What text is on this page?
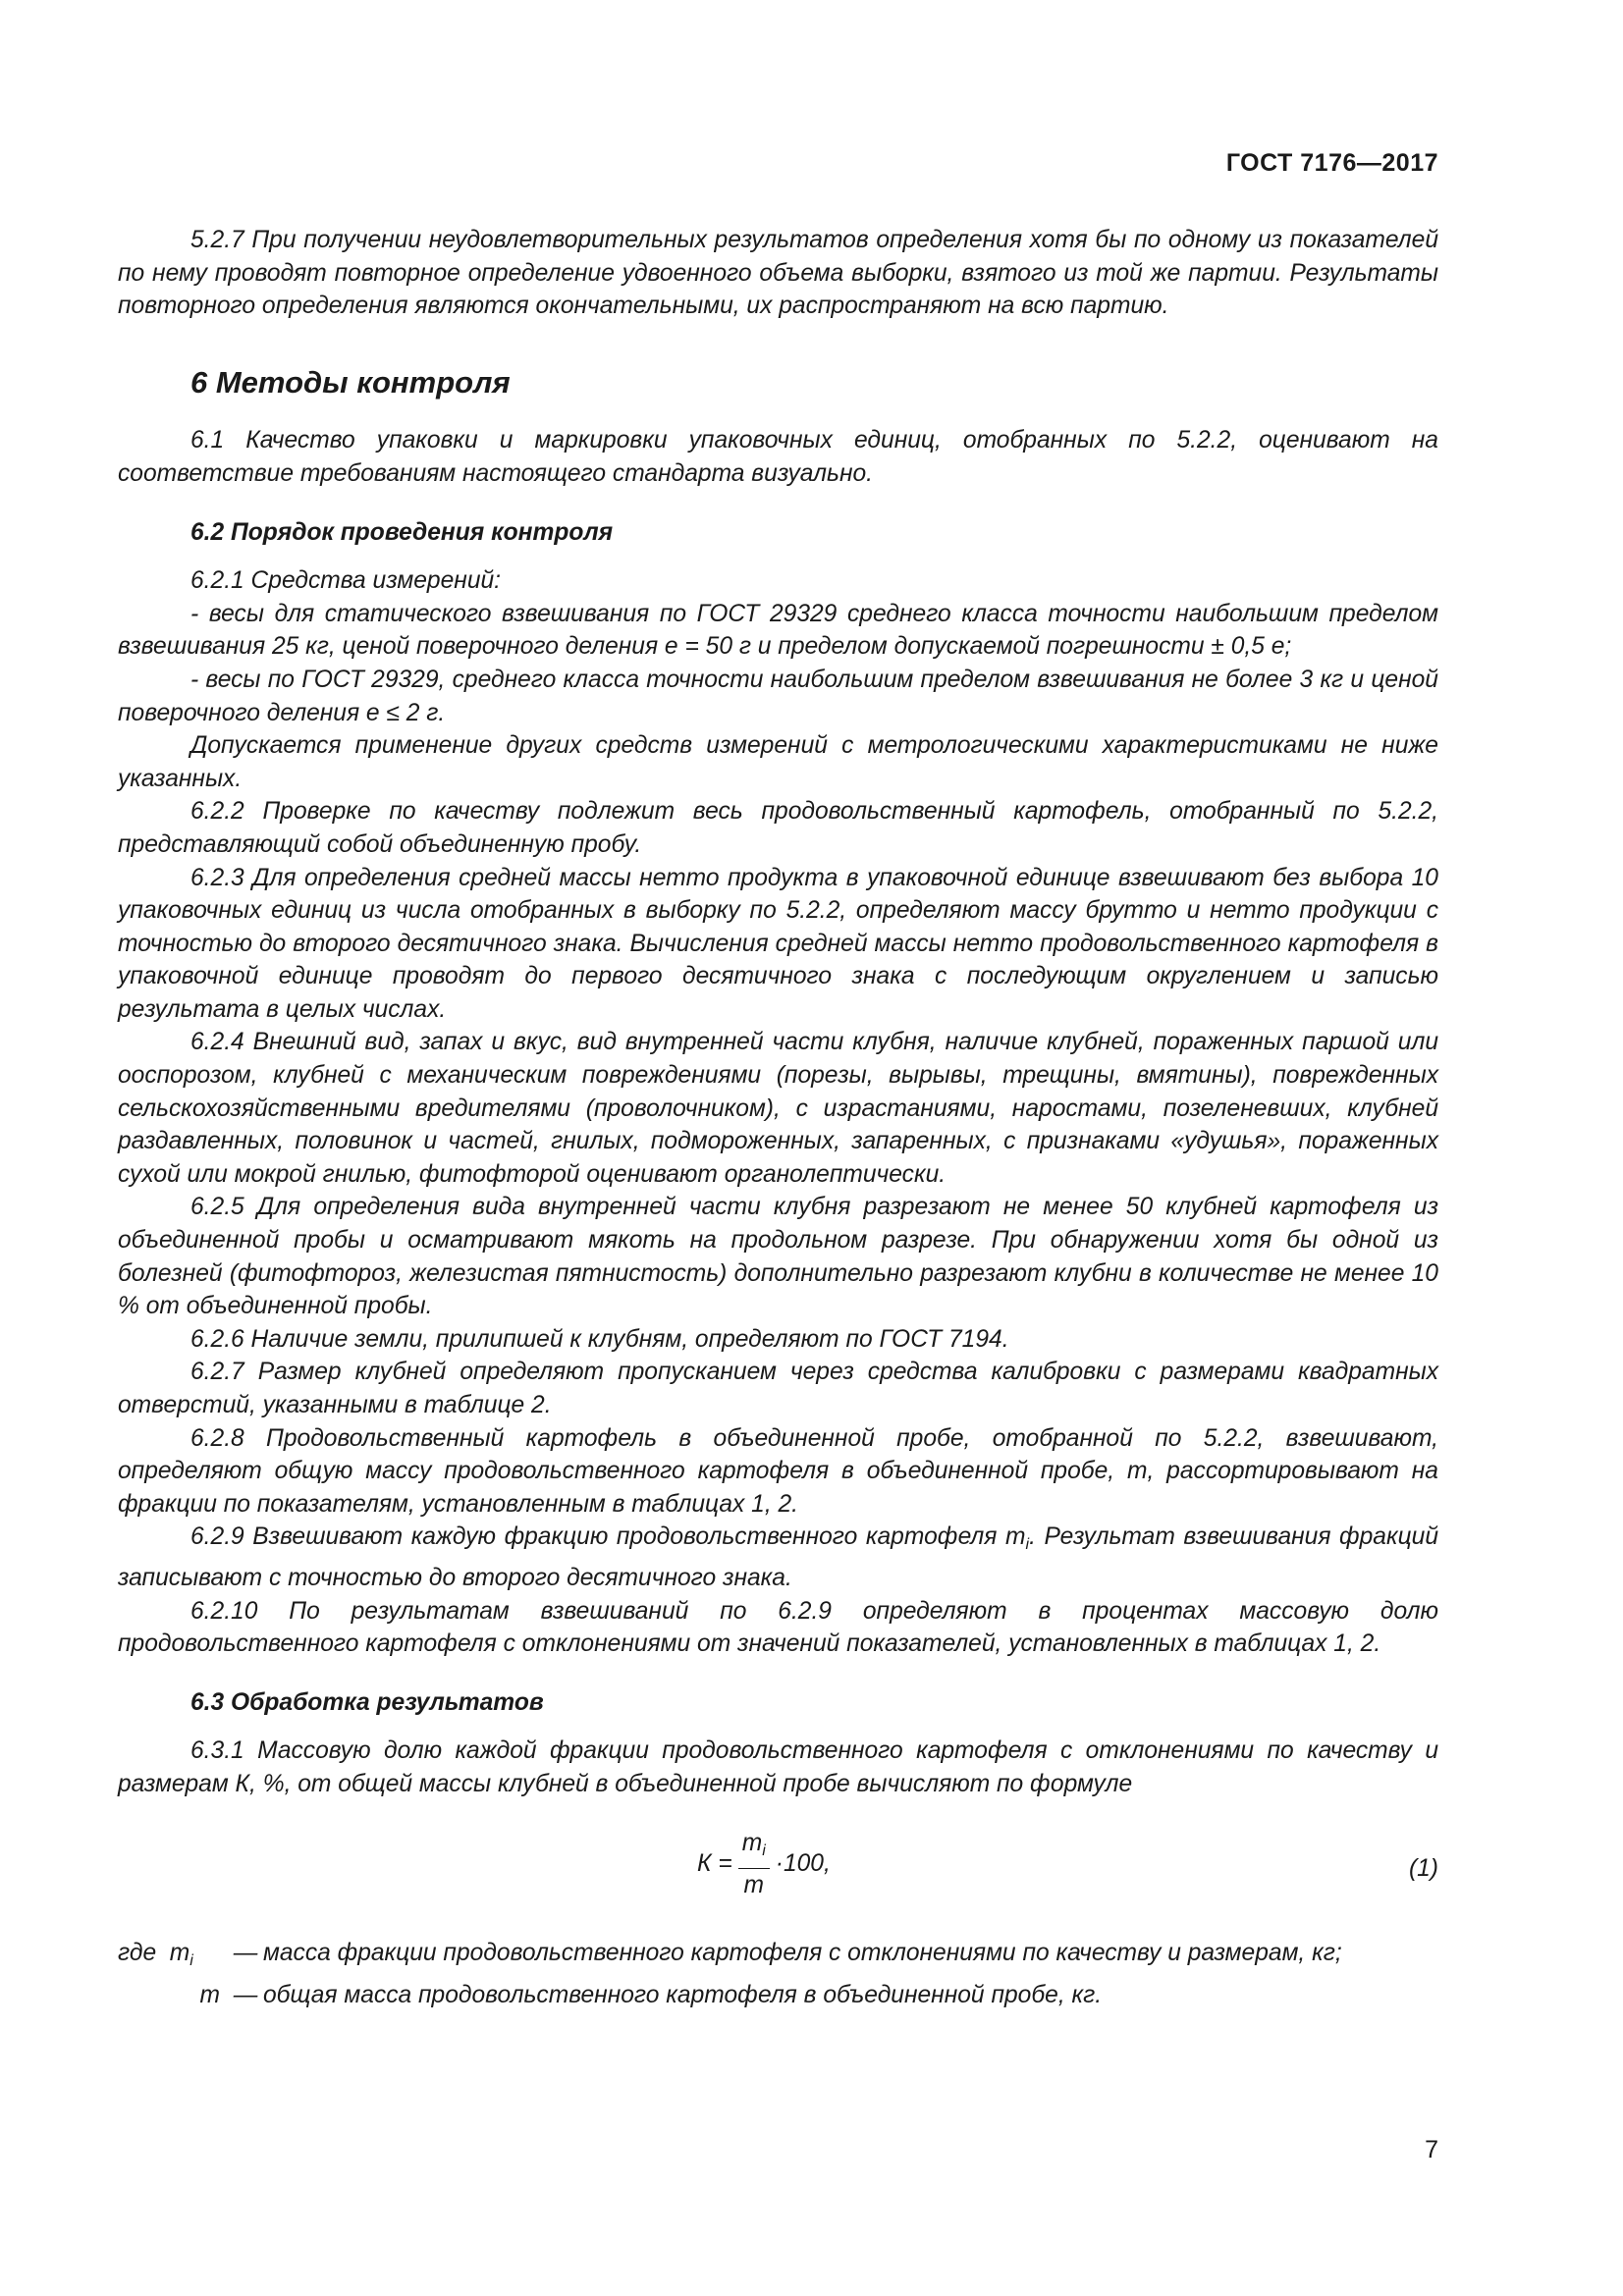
ГОСТ 7176—2017

5.2.7 При получении неудовлетворительных результатов определения хотя бы по одному из показателей по нему проводят повторное определение удвоенного объема выборки, взятого из той же партии. Результаты повторного определения являются окончательными, их распространяют на всю партию.

6 Методы контроля

6.1 Качество упаковки и маркировки упаковочных единиц, отобранных по 5.2.2, оценивают на соответствие требованиям настоящего стандарта визуально.

6.2 Порядок проведения контроля

6.2.1 Средства измерений:

- весы для статического взвешивания по ГОСТ 29329 среднего класса точности наибольшим пределом взвешивания 25 кг, ценой поверочного деления е = 50 г и пределом допускаемой погрешности ± 0,5 е;

- весы по ГОСТ 29329, среднего класса точности наибольшим пределом взвешивания не более 3 кг и ценой поверочного деления е ≤ 2 г.

Допускается применение других средств измерений с метрологическими характеристиками не ниже указанных.

6.2.2 Проверке по качеству подлежит весь продовольственный картофель, отобранный по 5.2.2, представляющий собой объединенную пробу.

6.2.3 Для определения средней массы нетто продукта в упаковочной единице взвешивают без выбора 10 упаковочных единиц из числа отобранных в выборку по 5.2.2, определяют массу брутто и нетто продукции с точностью до второго десятичного знака. Вычисления средней массы нетто продовольственного картофеля в упаковочной единице проводят до первого десятичного знака с последующим округлением и записью результата в целых числах.

6.2.4 Внешний вид, запах и вкус, вид внутренней части клубня, наличие клубней, пораженных паршой или ооспорозом, клубней с механическим повреждениями (порезы, вырывы, трещины, вмятины), поврежденных сельскохозяйственными вредителями (проволочником), с израстаниями, наростами, позеленевших, клубней раздавленных, половинок и частей, гнилых, подмороженных, запаренных, с признаками «удушья», пораженных сухой или мокрой гнилью, фитофторой оценивают органолептически.

6.2.5 Для определения вида внутренней части клубня разрезают не менее 50 клубней картофеля из объединенной пробы и осматривают мякоть на продольном разрезе. При обнаружении хотя бы одной из болезней (фитофтороз, железистая пятнистость) дополнительно разрезают клубни в количестве не менее 10 % от объединенной пробы.

6.2.6 Наличие земли, прилипшей к клубням, определяют по ГОСТ 7194.

6.2.7 Размер клубней определяют пропусканием через средства калибровки с размерами квадратных отверстий, указанными в таблице 2.

6.2.8 Продовольственный картофель в объединенной пробе, отобранной по 5.2.2, взвешивают, определяют общую массу продовольственного картофеля в объединенной пробе, m, рассортировывают на фракции по показателям, установленным в таблицах 1, 2.

6.2.9 Взвешивают каждую фракцию продовольственного картофеля $m_i$. Результат взвешивания фракций записывают с точностью до второго десятичного знака.

6.2.10 По результатам взвешиваний по 6.2.9 определяют в процентах массовую долю продовольственного картофеля с отклонениями от значений показателей, установленных в таблицах 1, 2.

6.3 Обработка результатов

6.3.1 Массовую долю каждой фракции продовольственного картофеля с отклонениями по качеству и размерам К, %, от общей массы клубней в объединенной пробе вычисляют по формуле

$К = \frac{m_i}{m} \cdot 100$,	(1)
где $m_i$	— масса фракции продовольственного картофеля с отклонениями по качеству и размерам, кг;
m — общая масса продовольственного картофеля в объединенной пробе, кг.
7
